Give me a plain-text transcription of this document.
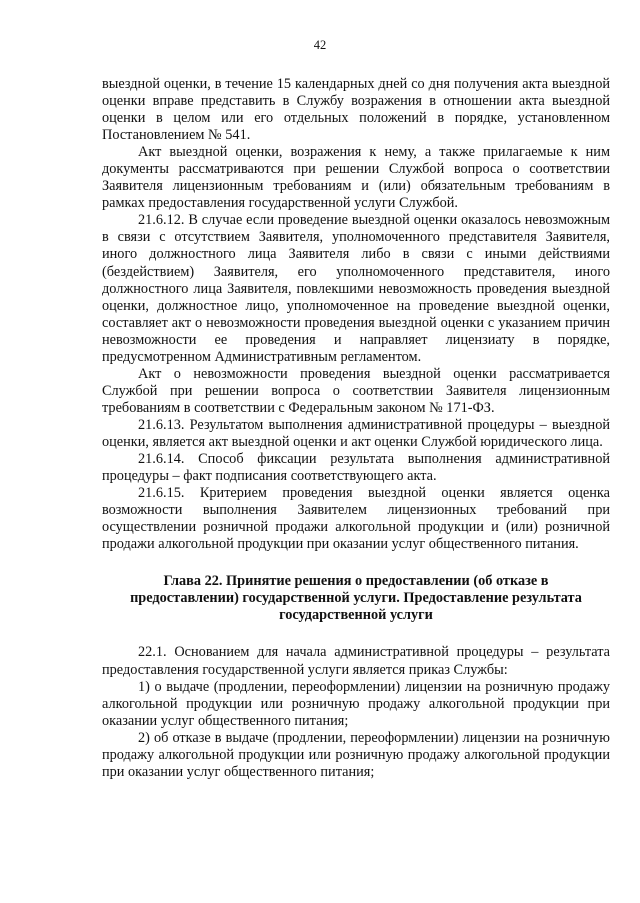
42

выездной оценки, в течение 15 календарных дней со дня получения акта выездной оценки вправе представить в Службу возражения в отношении акта выездной оценки в целом или его отдельных положений в порядке, установленном Постановлением № 541.

Акт выездной оценки, возражения к нему, а также прилагаемые к ним документы рассматриваются при решении Службой вопроса о соответствии Заявителя лицензионным требованиям и (или) обязательным требованиям в рамках предоставления государственной услуги Службой.

21.6.12. В случае если проведение выездной оценки оказалось невозможным в связи с отсутствием Заявителя, уполномоченного представителя Заявителя, иного должностного лица Заявителя либо в связи с иными действиями (бездействием) Заявителя, его уполномоченного представителя, иного должностного лица Заявителя, повлекшими невозможность проведения выездной оценки, должностное лицо, уполномоченное на проведение выездной оценки, составляет акт о невозможности проведения выездной оценки с указанием причин невозможности ее проведения и направляет лицензиату в порядке, предусмотренном Административным регламентом.

Акт о невозможности проведения выездной оценки рассматривается Службой при решении вопроса о соответствии Заявителя лицензионным требованиям в соответствии с Федеральным законом № 171-ФЗ.

21.6.13. Результатом выполнения административной процедуры – выездной оценки, является акт выездной оценки и акт оценки Службой юридического лица.

21.6.14. Способ фиксации результата выполнения административной процедуры – факт подписания соответствующего акта.

21.6.15. Критерием проведения выездной оценки является оценка возможности выполнения Заявителем лицензионных требований при осуществлении розничной продажи алкогольной продукции и (или) розничной продажи алкогольной продукции при оказании услуг общественного питания.

Глава 22. Принятие решения о предоставлении (об отказе в
предоставлении) государственной услуги. Предоставление результата
государственной услуги

22.1. Основанием для начала административной процедуры – результата предоставления государственной услуги является приказ Службы:

1) о выдаче (продлении, переоформлении) лицензии на розничную продажу алкогольной продукции или розничную продажу алкогольной продукции при оказании услуг общественного питания;

2) об отказе в выдаче (продлении, переоформлении) лицензии на розничную продажу алкогольной продукции или розничную продажу алкогольной продукции при оказании услуг общественного питания;
